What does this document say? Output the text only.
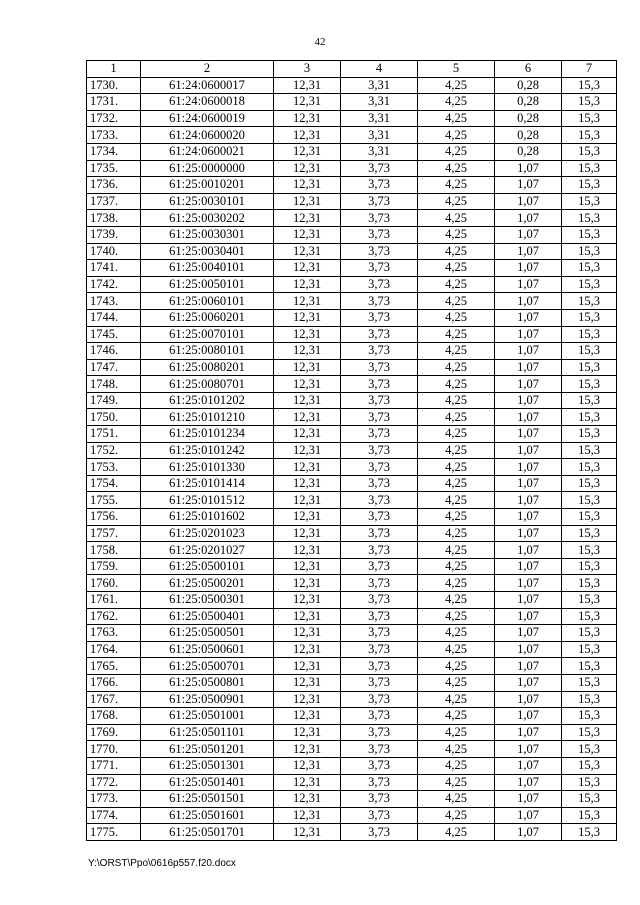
42
1	2	3	4	5	6	7
1730.	61:24:0600017	12,31	3,31	4,25	0,28	15,3
1731.	61:24:0600018	12,31	3,31	4,25	0,28	15,3
1732.	61:24:0600019	12,31	3,31	4,25	0,28	15,3
1733.	61:24:0600020	12,31	3,31	4,25	0,28	15,3
1734.	61:24:0600021	12,31	3,31	4,25	0,28	15,3
1735.	61:25:0000000	12,31	3,73	4,25	1,07	15,3
1736.	61:25:0010201	12,31	3,73	4,25	1,07	15,3
1737.	61:25:0030101	12,31	3,73	4,25	1,07	15,3
1738.	61:25:0030202	12,31	3,73	4,25	1,07	15,3
1739.	61:25:0030301	12,31	3,73	4,25	1,07	15,3
1740.	61:25:0030401	12,31	3,73	4,25	1,07	15,3
1741.	61:25:0040101	12,31	3,73	4,25	1,07	15,3
1742.	61:25:0050101	12,31	3,73	4,25	1,07	15,3
1743.	61:25:0060101	12,31	3,73	4,25	1,07	15,3
1744.	61:25:0060201	12,31	3,73	4,25	1,07	15,3
1745.	61:25:0070101	12,31	3,73	4,25	1,07	15,3
1746.	61:25:0080101	12,31	3,73	4,25	1,07	15,3
1747.	61:25:0080201	12,31	3,73	4,25	1,07	15,3
1748.	61:25:0080701	12,31	3,73	4,25	1,07	15,3
1749.	61:25:0101202	12,31	3,73	4,25	1,07	15,3
1750.	61:25:0101210	12,31	3,73	4,25	1,07	15,3
1751.	61:25:0101234	12,31	3,73	4,25	1,07	15,3
1752.	61:25:0101242	12,31	3,73	4,25	1,07	15,3
1753.	61:25:0101330	12,31	3,73	4,25	1,07	15,3
1754.	61:25:0101414	12,31	3,73	4,25	1,07	15,3
1755.	61:25:0101512	12,31	3,73	4,25	1,07	15,3
1756.	61:25:0101602	12,31	3,73	4,25	1,07	15,3
1757.	61:25:0201023	12,31	3,73	4,25	1,07	15,3
1758.	61:25:0201027	12,31	3,73	4,25	1,07	15,3
1759.	61:25:0500101	12,31	3,73	4,25	1,07	15,3
1760.	61:25:0500201	12,31	3,73	4,25	1,07	15,3
1761.	61:25:0500301	12,31	3,73	4,25	1,07	15,3
1762.	61:25:0500401	12,31	3,73	4,25	1,07	15,3
1763.	61:25:0500501	12,31	3,73	4,25	1,07	15,3
1764.	61:25:0500601	12,31	3,73	4,25	1,07	15,3
1765.	61:25:0500701	12,31	3,73	4,25	1,07	15,3
1766.	61:25:0500801	12,31	3,73	4,25	1,07	15,3
1767.	61:25:0500901	12,31	3,73	4,25	1,07	15,3
1768.	61:25:0501001	12,31	3,73	4,25	1,07	15,3
1769.	61:25:0501101	12,31	3,73	4,25	1,07	15,3
1770.	61:25:0501201	12,31	3,73	4,25	1,07	15,3
1771.	61:25:0501301	12,31	3,73	4,25	1,07	15,3
1772.	61:25:0501401	12,31	3,73	4,25	1,07	15,3
1773.	61:25:0501501	12,31	3,73	4,25	1,07	15,3
1774.	61:25:0501601	12,31	3,73	4,25	1,07	15,3
1775.	61:25:0501701	12,31	3,73	4,25	1,07	15,3
Y:\ORST\Ppo\0616p557.f20.docx
